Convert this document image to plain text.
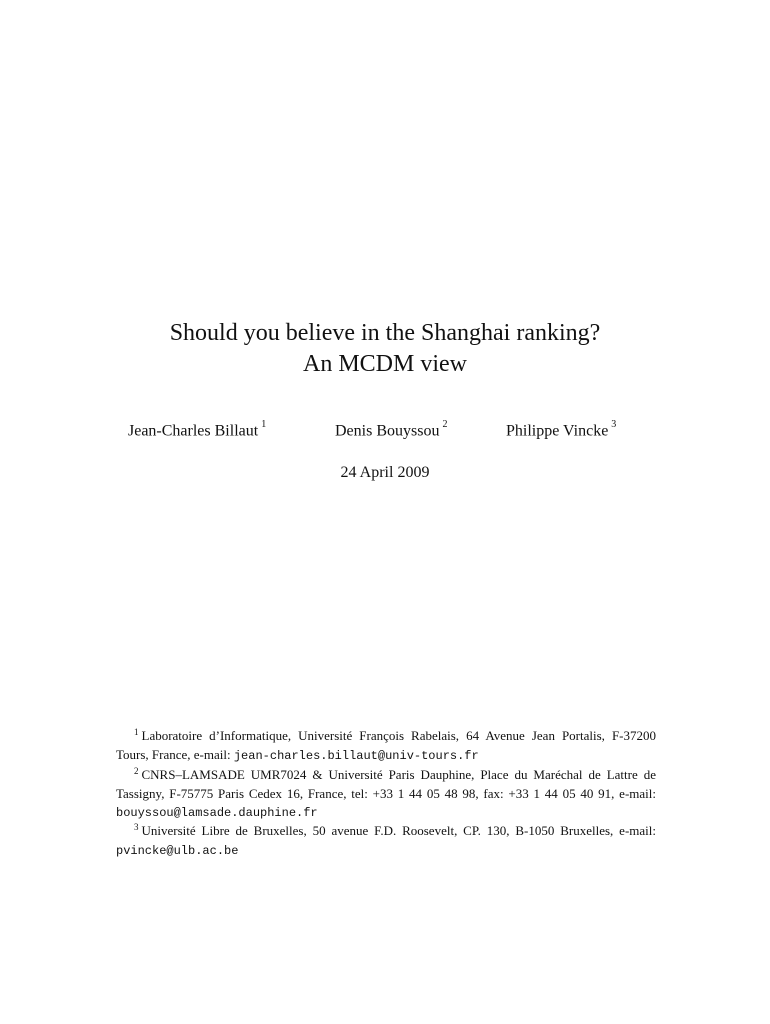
Should you believe in the Shanghai ranking?

An MCDM view

Jean-Charles Billaut $^1$	Denis Bouyssou $^2$	Philippe Vincke $^3$
24 April 2009

$^1$ Laboratoire d’Informatique, Université François Rabelais, 64 Avenue Jean Portalis, F-37200 Tours, France, e-mail: jean-charles.billaut@univ-tours.fr

$^2$ CNRS–LAMSADE UMR7024 & Université Paris Dauphine, Place du Maréchal de Lattre de Tassigny, F-75775 Paris Cedex 16, France, tel: +33 1 44 05 48 98, fax: +33 1 44 05 40 91, e-mail: bouyssou@lamsade.dauphine.fr

$^3$ Université Libre de Bruxelles, 50 avenue F.D. Roosevelt, CP. 130, B-1050 Bruxelles, e-mail: pvincke@ulb.ac.be
